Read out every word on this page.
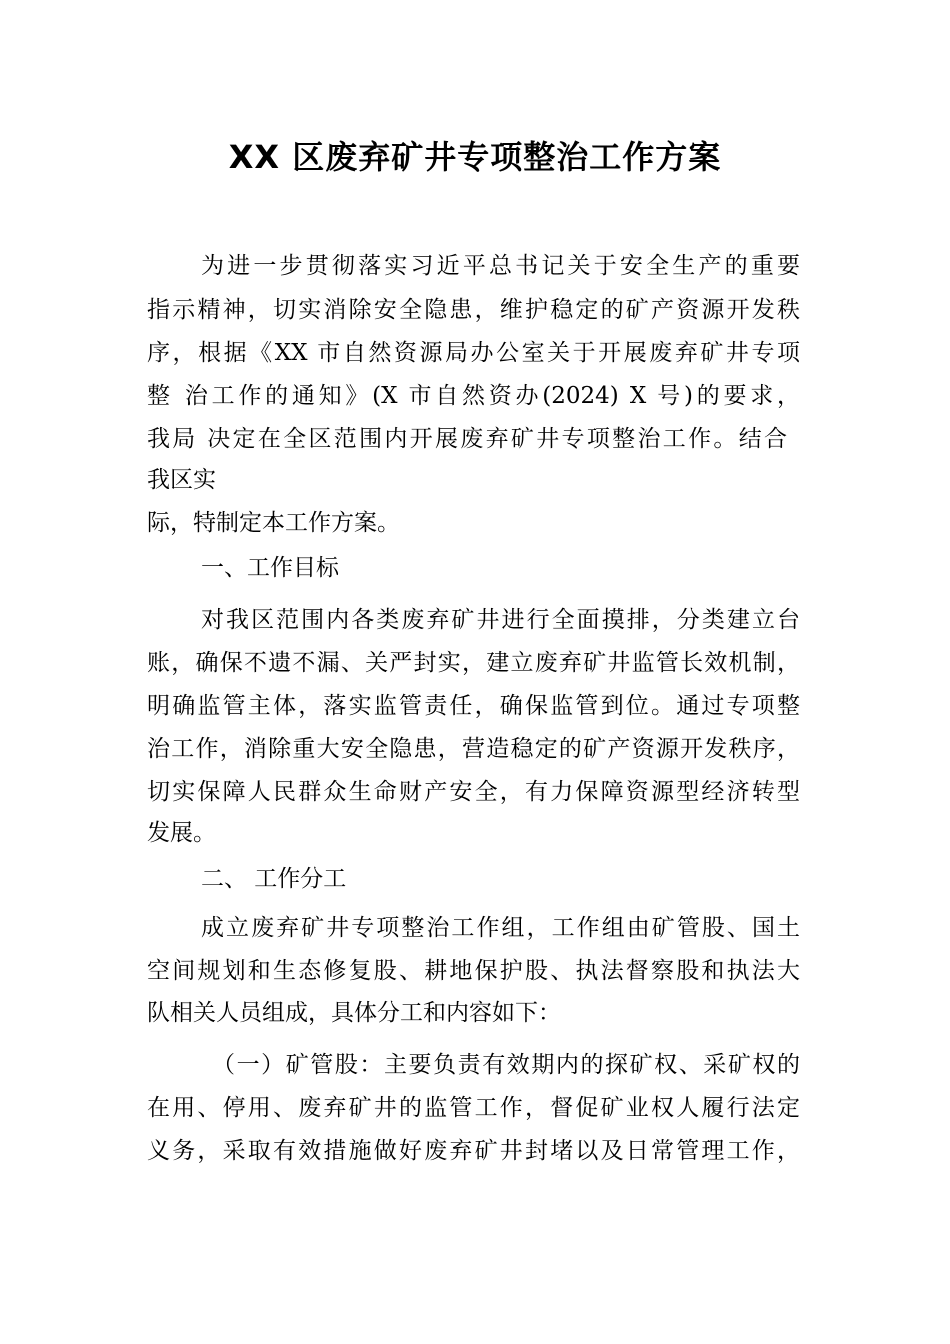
XX 区废弃矿井专项整治工作方案
为进一步贯彻落实习近平总书记关于安全生产的重要
指示精神，切实消除安全隐患，维护稳定的矿产资源开发秩
序，根据《XX 市自然资源局办公室关于开展废弃矿井专项
整 治工作的通知》(X 市自然资办(2024) X 号)的要求，
我局 决定在全区范围内开展废弃矿井专项整治工作。结合
我区实
际，特制定本工作方案。
一、工作目标
对我区范围内各类废弃矿井进行全面摸排，分类建立台
账，确保不遗不漏、关严封实，建立废弃矿井监管长效机制，
明确监管主体，落实监管责任，确保监管到位。通过专项整
治工作，消除重大安全隐患，营造稳定的矿产资源开发秩序，
切实保障人民群众生命财产安全，有力保障资源型经济转型
发展。
二、 工作分工
成立废弃矿井专项整治工作组，工作组由矿管股、国土
空间规划和生态修复股、耕地保护股、执法督察股和执法大
队相关人员组成，具体分工和内容如下：
（一）矿管股：主要负责有效期内的探矿权、采矿权的
在用、停用、废弃矿井的监管工作，督促矿业权人履行法定
义务，采取有效措施做好废弃矿井封堵以及日常管理工作，
